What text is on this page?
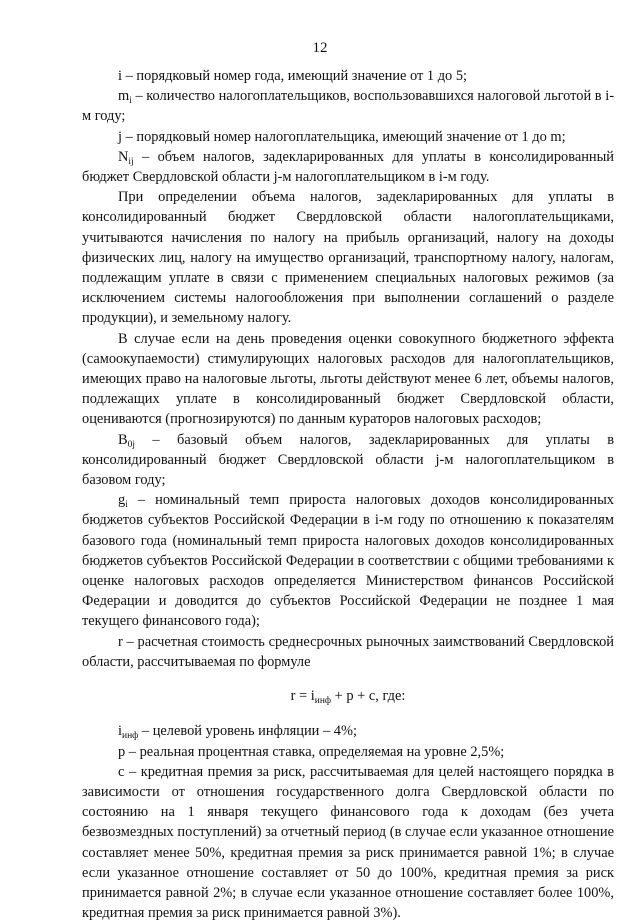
12

i – порядковый номер года, имеющий значение от 1 до 5;

$m_i$ – количество налогоплательщиков, воспользовавшихся налоговой льготой в i-м году;

j – порядковый номер налогоплательщика, имеющий значение от 1 до m;

$N_{ij}$ – объем налогов, задекларированных для уплаты в консолидированный бюджет Свердловской области j-м налогоплательщиком в i-м году.

При определении объема налогов, задекларированных для уплаты в консолидированный бюджет Свердловской области налогоплательщиками, учитываются начисления по налогу на прибыль организаций, налогу на доходы физических лиц, налогу на имущество организаций, транспортному налогу, налогам, подлежащим уплате в связи с применением специальных налоговых режимов (за исключением системы налогообложения при выполнении соглашений о разделе продукции), и земельному налогу.

В случае если на день проведения оценки совокупного бюджетного эффекта (самоокупаемости) стимулирующих налоговых расходов для налогоплательщиков, имеющих право на налоговые льготы, льготы действуют менее 6 лет, объемы налогов, подлежащих уплате в консолидированный бюджет Свердловской области, оцениваются (прогнозируются) по данным кураторов налоговых расходов;

$B_{0j}$ – базовый объем налогов, задекларированных для уплаты в консолидированный бюджет Свердловской области j-м налогоплательщиком в базовом году;

$g_i$ – номинальный темп прироста налоговых доходов консолидированных бюджетов субъектов Российской Федерации в i-м году по отношению к показателям базового года (номинальный темп прироста налоговых доходов консолидированных бюджетов субъектов Российской Федерации в соответствии с общими требованиями к оценке налоговых расходов определяется Министерством финансов Российской Федерации и доводится до субъектов Российской Федерации не позднее 1 мая текущего финансового года);

r – расчетная стоимость среднесрочных рыночных заимствований Свердловской области, рассчитываемая по формуле

$r = i_{инф} + p + c$, где:

$i_{инф}$ – целевой уровень инфляции – 4%;

p – реальная процентная ставка, определяемая на уровне 2,5%;

c – кредитная премия за риск, рассчитываемая для целей настоящего порядка в зависимости от отношения государственного долга Свердловской области по состоянию на 1 января текущего финансового года к доходам (без учета безвозмездных поступлений) за отчетный период (в случае если указанное отношение составляет менее 50%, кредитная премия за риск принимается равной 1%; в случае если указанное отношение составляет от 50 до 100%, кредитная премия за риск принимается равной 2%; в случае если указанное отношение составляет более 100%, кредитная премия за риск принимается равной 3%).
